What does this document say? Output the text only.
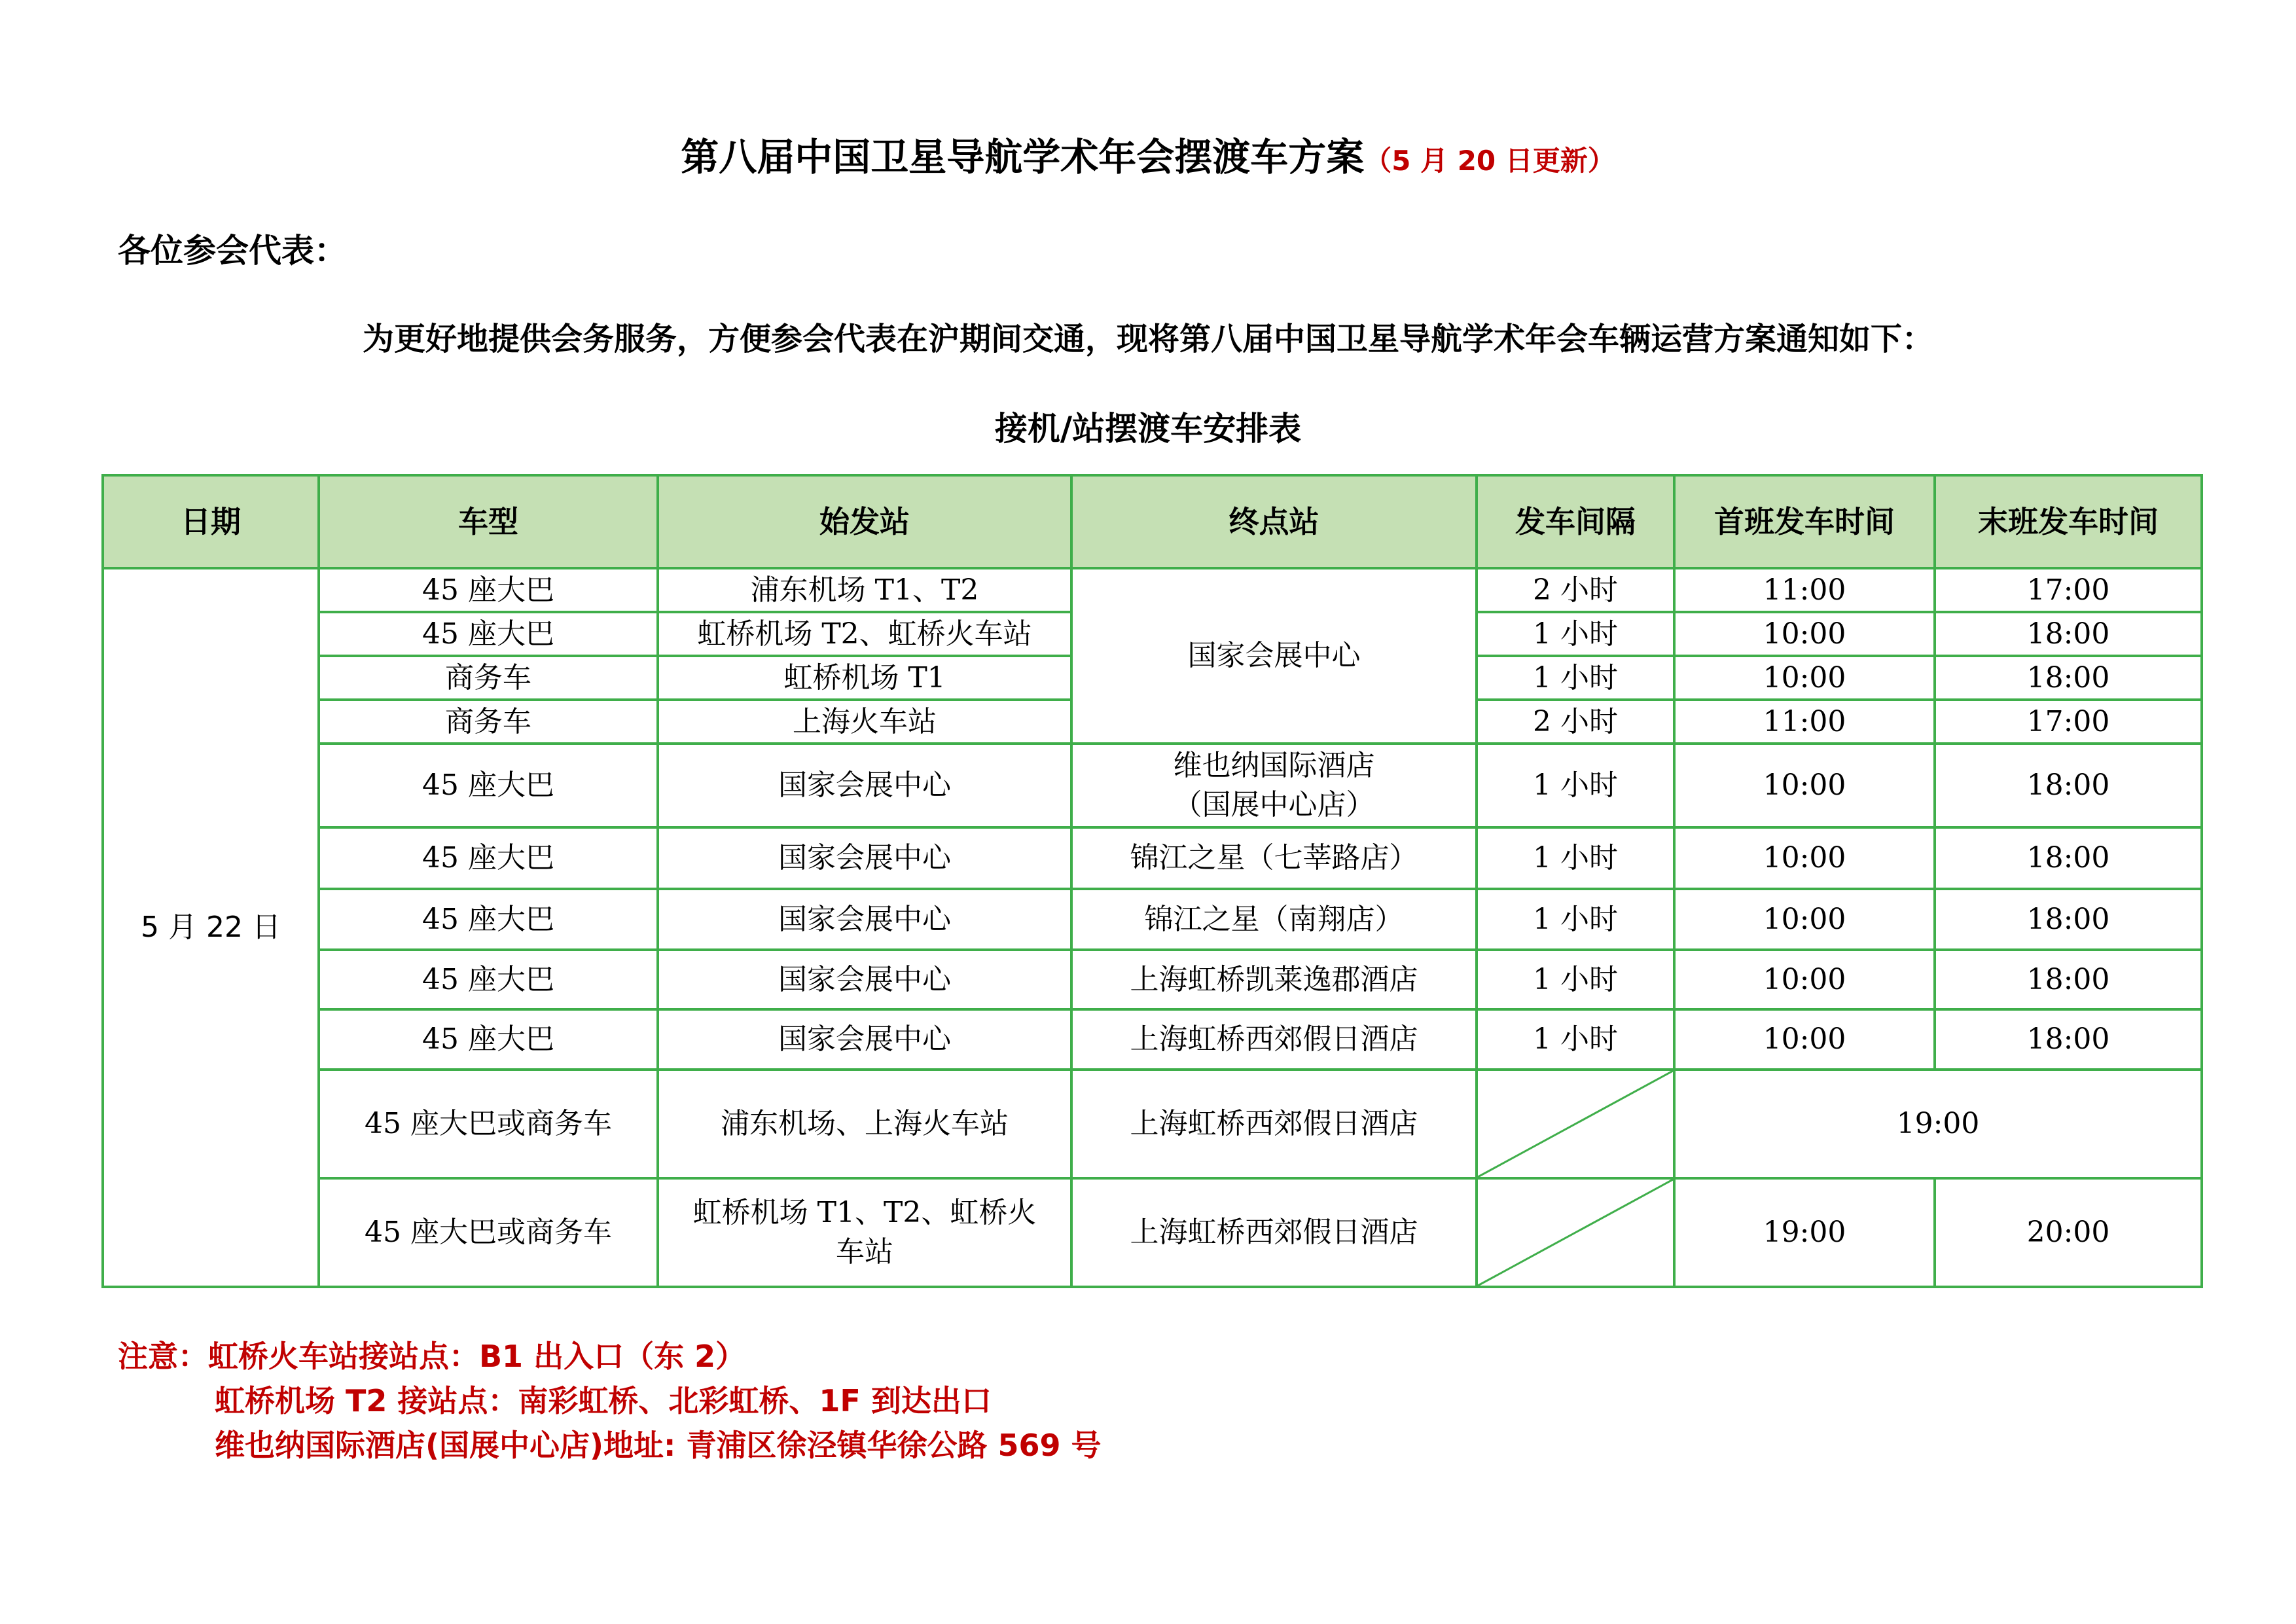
第八届中国卫星导航学术年会摆渡车方案（5 月 20 日更新）
各位参会代表：
为更好地提供会务服务，方便参会代表在沪期间交通，现将第八届中国卫星导航学术年会车辆运营方案通知如下：
接机/站摆渡车安排表
日期	车型	始发站	终点站	发车间隔	首班发车时间	末班发车时间
5 月 22 日	45 座大巴	浦东机场 T1、T2	国家会展中心	2 小时	11:00	17:00
	45 座大巴	虹桥机场 T2、虹桥火车站		1 小时	10:00	18:00
	商务车	虹桥机场 T1		1 小时	10:00	18:00
	商务车	上海火车站		2 小时	11:00	17:00
	45 座大巴	国家会展中心	维也纳国际酒店
（国展中心店）	1 小时	10:00	18:00
	45 座大巴	国家会展中心	锦江之星（七莘路店）	1 小时	10:00	18:00
	45 座大巴	国家会展中心	锦江之星（南翔店）	1 小时	10:00	18:00
	45 座大巴	国家会展中心	上海虹桥凯莱逸郡酒店	1 小时	10:00	18:00
	45 座大巴	国家会展中心	上海虹桥西郊假日酒店	1 小时	10:00	18:00
	45 座大巴或商务车	浦东机场、上海火车站	上海虹桥西郊假日酒店		19:00	
	45 座大巴或商务车	虹桥机场 T1、T2、虹桥火
车站	上海虹桥西郊假日酒店		19:00	20:00
注意：虹桥火车站接站点：B1 出入口（东 2）
虹桥机场 T2 接站点：南彩虹桥、北彩虹桥、1F 到达出口
维也纳国际酒店(国展中心店)地址: 青浦区徐泾镇华徐公路 569 号
